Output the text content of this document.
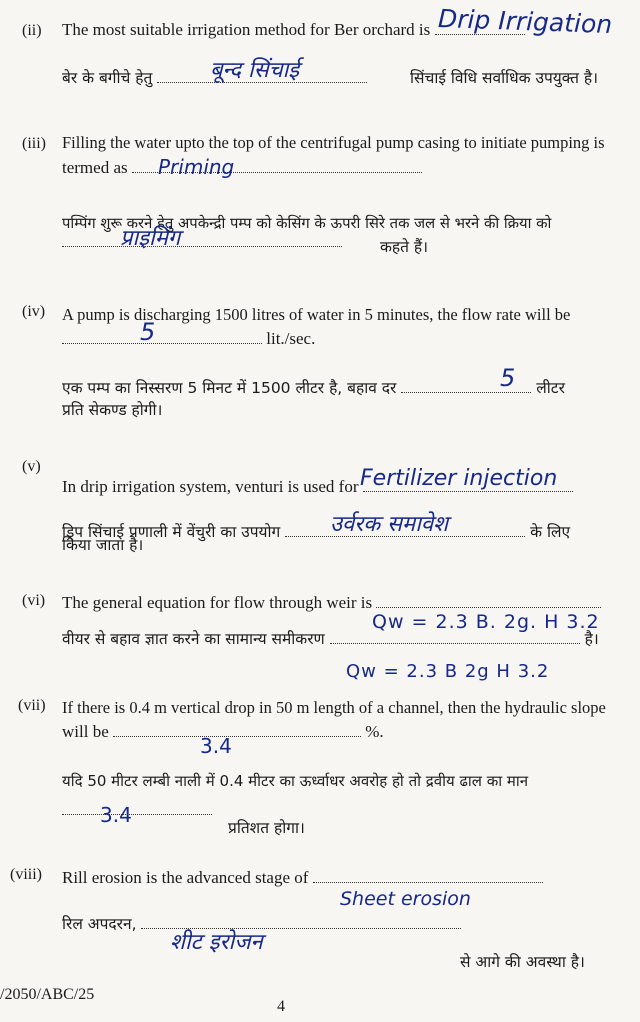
(ii) The most suitable irrigation method for Ber orchard is Drip Irrigation
बेर के बगीचे हेतु	बून्द सिंचाई	सिंचाई विधि सर्वाधिक उपयुक्त है।
(iii) Filling the water upto the top of the centrifugal pump casing to initiate pumping is
termed as	Priming
पम्पिंग शुरू करने हेतु अपकेन्द्री पम्प को केसिंग के ऊपरी सिरे तक जल से भरने की क्रिया को
प्राइमिंग	कहते हैं।
(iv) A pump is discharging 1500 litres of water in 5 minutes, the flow rate will be
lit./sec.
5
एक पम्प का निस्सरण 5 मिनट में 1500 लीटर है, बहाव दर	लीटर
5
प्रति सेकण्ड होगी।
(v)
In drip irrigation system, venturi is used for Fertilizer injection
ड्रिप सिंचाई प्रणाली में वेंचुरी का उपयोग	के लिए
उर्वरक समावेश
किया जाता है।
(vi) The general equation for flow through weir is
Qw = 2.3 B. 2g. H 3.2
वीयर से बहाव ज्ञात करने का सामान्य समीकरण	है।
Qw = 2.3 B 2g H 3.2
(vii) If there is 0.4 m vertical drop in 50 m length of a channel, then the hydraulic slope
will be	%.
3.4
यदि 50 मीटर लम्बी नाली में 0.4 मीटर का ऊर्ध्वाधर अवरोह हो तो द्रवीय ढाल का मान
3.4
प्रतिशत होगा।
(viii) Rill erosion is the advanced stage of
Sheet erosion
रिल अपदरन,
शीट इरोजन
से आगे की अवस्था है।
/2050/ABC/25
4
